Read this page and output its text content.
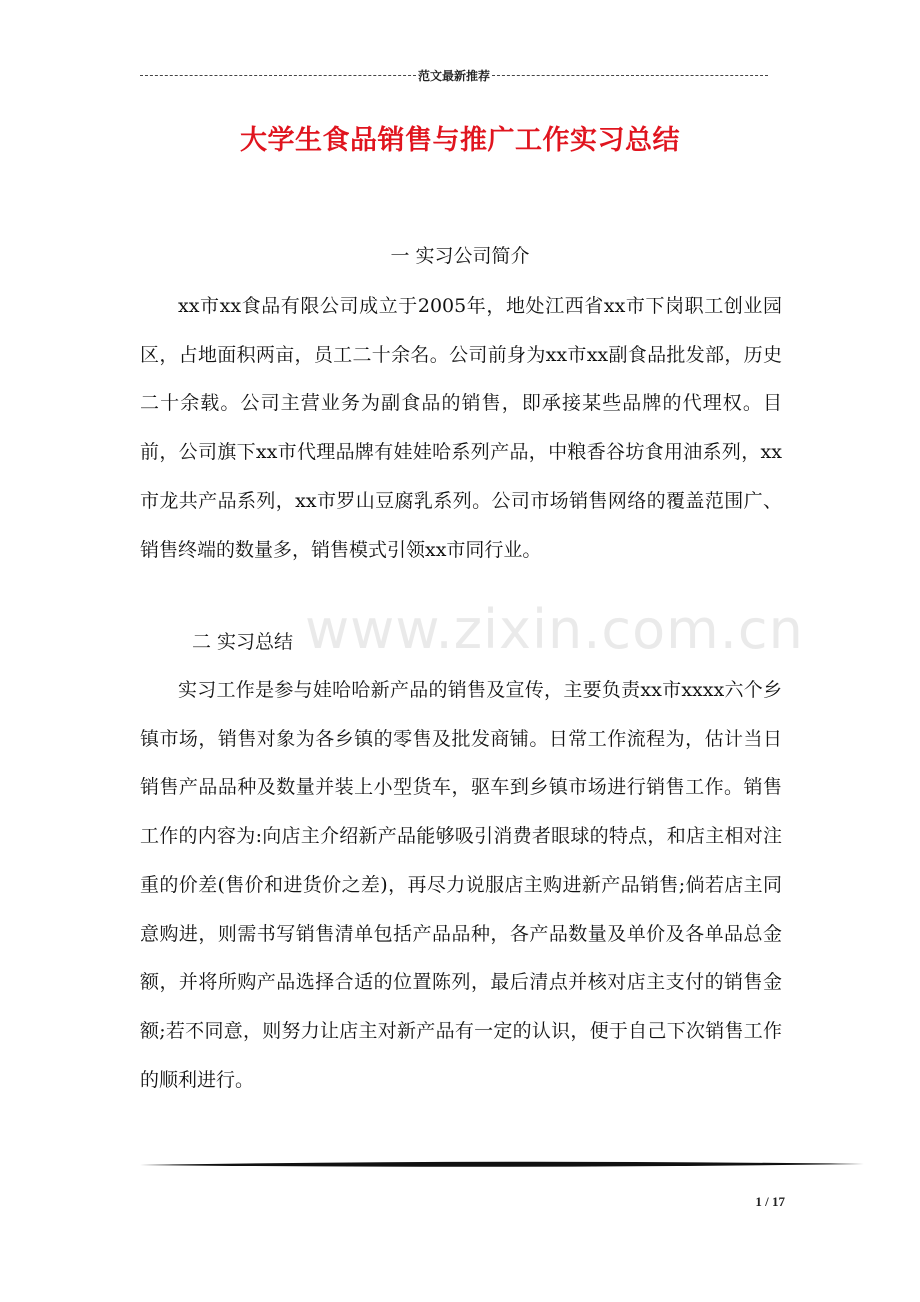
范文最新推荐
大学生食品销售与推广工作实习总结
www.zixin.com.cn
一 实习公司简介

xx市xx食品有限公司成立于2005年，地处江西省xx市下岗职工创业园区，占地面积两亩，员工二十余名。公司前身为xx市xx副食品批发部，历史二十余载。公司主营业务为副食品的销售，即承接某些品牌的代理权。目前，公司旗下xx市代理品牌有娃娃哈系列产品，中粮香谷坊食用油系列，xx市龙共产品系列，xx市罗山豆腐乳系列。公司市场销售网络的覆盖范围广、销售终端的数量多，销售模式引领xx市同行业。

二 实习总结

实习工作是参与娃哈哈新产品的销售及宣传，主要负责xx市xxxx六个乡镇市场，销售对象为各乡镇的零售及批发商铺。日常工作流程为，估计当日销售产品品种及数量并装上小型货车，驱车到乡镇市场进行销售工作。销售工作的内容为:向店主介绍新产品能够吸引消费者眼球的特点，和店主相对注重的价差(售价和进货价之差)，再尽力说服店主购进新产品销售;倘若店主同意购进，则需书写销售清单包括产品品种，各产品数量及单价及各单品总金额，并将所购产品选择合适的位置陈列，最后清点并核对店主支付的销售金额;若不同意，则努力让店主对新产品有一定的认识，便于自己下次销售工作的顺利进行。

1 / 17
